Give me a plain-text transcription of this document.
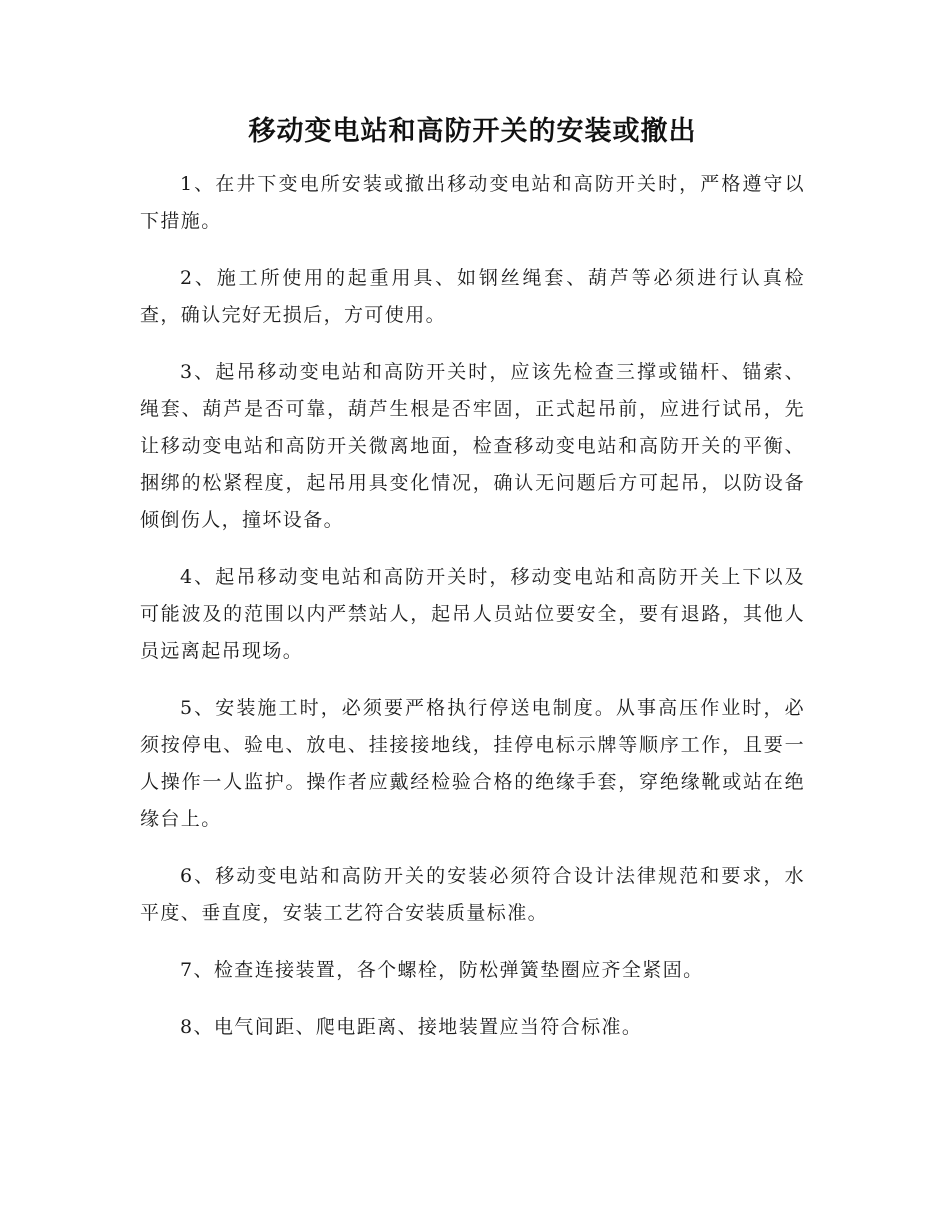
移动变电站和高防开关的安装或撤出

1、在井下变电所安装或撤出移动变电站和高防开关时，严格遵守以下措施。

2、施工所使用的起重用具、如钢丝绳套、葫芦等必须进行认真检查，确认完好无损后，方可使用。

3、起吊移动变电站和高防开关时，应该先检查三撑或锚杆、锚索、绳套、葫芦是否可靠，葫芦生根是否牢固，正式起吊前，应进行试吊，先让移动变电站和高防开关微离地面，检查移动变电站和高防开关的平衡、捆绑的松紧程度，起吊用具变化情况，确认无问题后方可起吊，以防设备倾倒伤人，撞坏设备。

4、起吊移动变电站和高防开关时，移动变电站和高防开关上下以及可能波及的范围以内严禁站人，起吊人员站位要安全，要有退路，其他人员远离起吊现场。

5、安装施工时，必须要严格执行停送电制度。从事高压作业时，必须按停电、验电、放电、挂接接地线，挂停电标示牌等顺序工作，且要一人操作一人监护。操作者应戴经检验合格的绝缘手套，穿绝缘靴或站在绝缘台上。

6、移动变电站和高防开关的安装必须符合设计法律规范和要求，水平度、垂直度，安装工艺符合安装质量标准。

7、检查连接装置，各个螺栓，防松弹簧垫圈应齐全紧固。

8、电气间距、爬电距离、接地装置应当符合标准。
